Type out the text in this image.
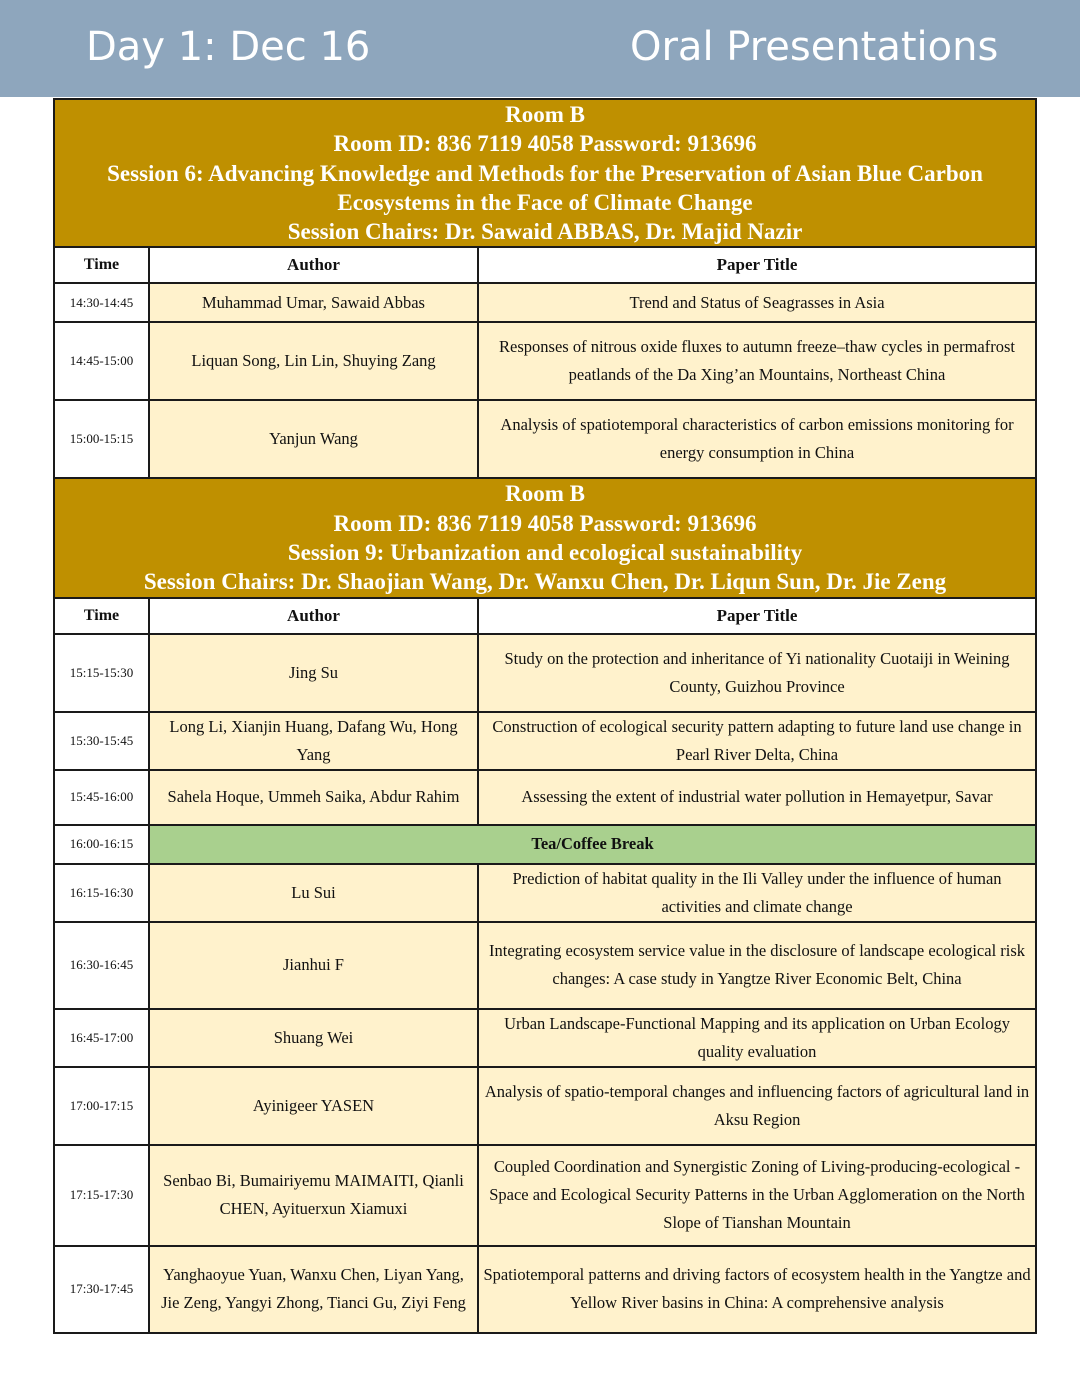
Day 1: Dec 16	Oral Presentations
Room B
Room ID: 836 7119 4058 Password: 913696
Session 6: Advancing Knowledge and Methods for the Preservation of Asian Blue Carbon
Ecosystems in the Face of Climate Change
Session Chairs: Dr. Sawaid ABBAS, Dr. Majid Nazir		

Time	Author	Paper Title
14:30-14:45	Muhammad Umar, Sawaid Abbas	Trend and Status of Seagrasses in Asia
14:45-15:00	Liquan Song, Lin Lin, Shuying Zang	Responses of nitrous oxide fluxes to autumn freeze–thaw cycles in permafrost peatlands of the Da Xing’an Mountains, Northeast China
15:00-15:15	Yanjun Wang	Analysis of spatiotemporal characteristics of carbon emissions monitoring for energy consumption in China

Room B
Room ID: 836 7119 4058 Password: 913696
Session 9: Urbanization and ecological sustainability
Session Chairs: Dr. Shaojian Wang, Dr. Wanxu Chen, Dr. Liqun Sun, Dr. Jie Zeng		

Time	Author	Paper Title
15:15-15:30	Jing Su	Study on the protection and inheritance of Yi nationality Cuotaiji in Weining County, Guizhou Province
15:30-15:45	Long Li, Xianjin Huang, Dafang Wu, Hong Yang	Construction of ecological security pattern adapting to future land use change in Pearl River Delta, China
15:45-16:00	Sahela Hoque, Ummeh Saika, Abdur Rahim	Assessing the extent of industrial water pollution in Hemayetpur, Savar
16:00-16:15	Tea/Coffee Break	
16:15-16:30	Lu Sui	Prediction of habitat quality in the Ili Valley under the influence of human activities and climate change
16:30-16:45	Jianhui F	Integrating ecosystem service value in the disclosure of landscape ecological risk changes: A case study in Yangtze River Economic Belt, China
16:45-17:00	Shuang Wei	Urban Landscape-Functional Mapping and its application on Urban Ecology quality evaluation
17:00-17:15	Ayinigeer YASEN	Analysis of spatio-temporal changes and influencing factors of agricultural land in Aksu Region
17:15-17:30	Senbao Bi, Bumairiyemu MAIMAITI, Qianli CHEN, Ayituerxun Xiamuxi	Coupled Coordination and Synergistic Zoning of Living-producing-ecological -Space and Ecological Security Patterns in the Urban Agglomeration on the North Slope of Tianshan Mountain
17:30-17:45	Yanghaoyue Yuan, Wanxu Chen, Liyan Yang, Jie Zeng, Yangyi Zhong, Tianci Gu, Ziyi Feng	Spatiotemporal patterns and driving factors of ecosystem health in the Yangtze and Yellow River basins in China: A comprehensive analysis
